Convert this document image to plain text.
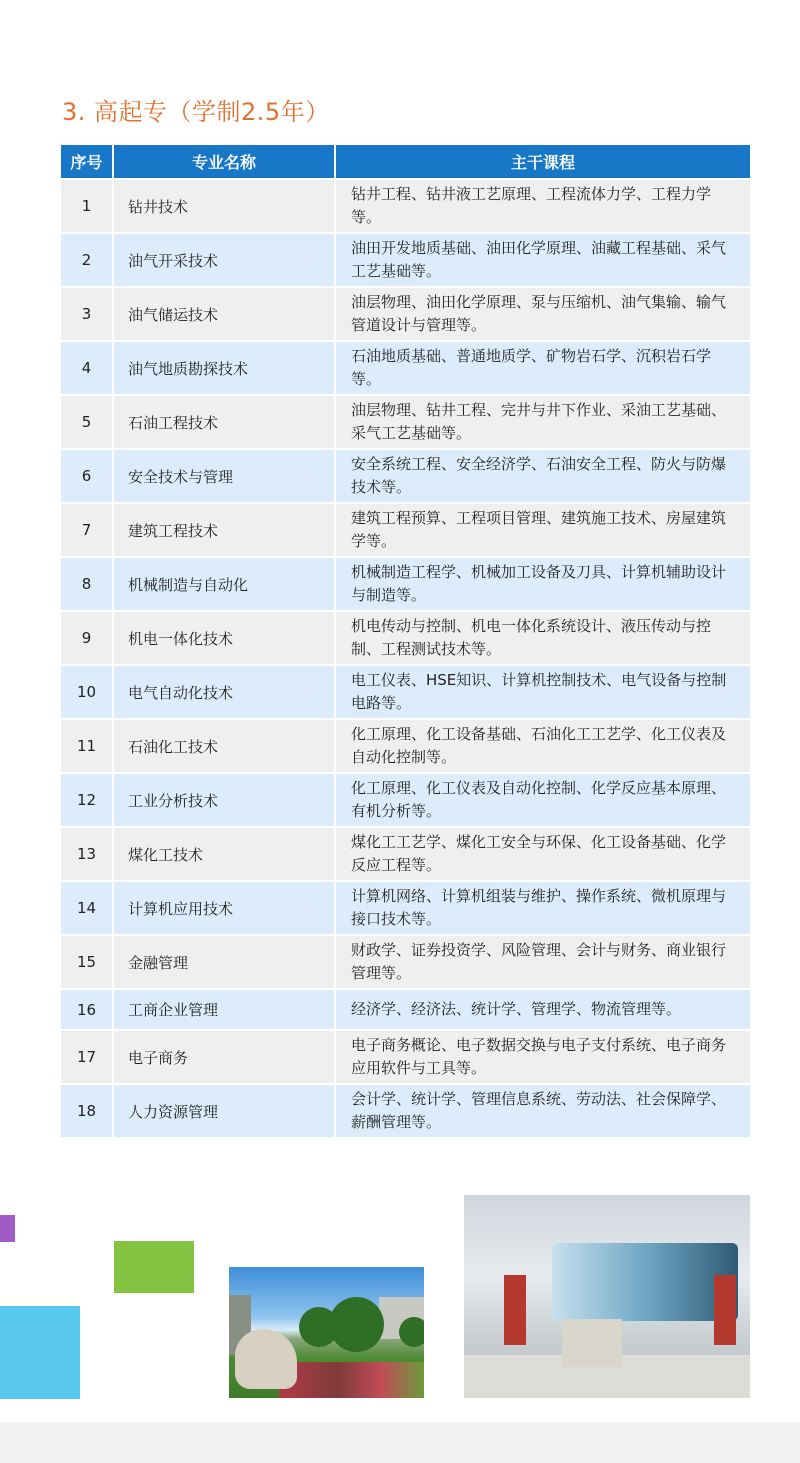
3. 高起专（学制2.5年）
序号	专业名称	主干课程
1	钻井技术	钻井工程、钻井液工艺原理、工程流体力学、工程力学等。
2	油气开采技术	油田开发地质基础、油田化学原理、油藏工程基础、采气工艺基础等。
3	油气储运技术	油层物理、油田化学原理、泵与压缩机、油气集输、输气管道设计与管理等。
4	油气地质勘探技术	石油地质基础、普通地质学、矿物岩石学、沉积岩石学等。
5	石油工程技术	油层物理、钻井工程、完井与井下作业、采油工艺基础、采气工艺基础等。
6	安全技术与管理	安全系统工程、安全经济学、石油安全工程、防火与防爆技术等。
7	建筑工程技术	建筑工程预算、工程项目管理、建筑施工技术、房屋建筑学等。
8	机械制造与自动化	机械制造工程学、机械加工设备及刀具、计算机辅助设计与制造等。
9	机电一体化技术	机电传动与控制、机电一体化系统设计、液压传动与控制、工程测试技术等。
10	电气自动化技术	电工仪表、HSE知识、计算机控制技术、电气设备与控制电路等。
11	石油化工技术	化工原理、化工设备基础、石油化工工艺学、化工仪表及自动化控制等。
12	工业分析技术	化工原理、化工仪表及自动化控制、化学反应基本原理、有机分析等。
13	煤化工技术	煤化工工艺学、煤化工安全与环保、化工设备基础、化学反应工程等。
14	计算机应用技术	计算机网络、计算机组装与维护、操作系统、微机原理与接口技术等。
15	金融管理	财政学、证券投资学、风险管理、会计与财务、商业银行管理等。
16	工商企业管理	经济学、经济法、统计学、管理学、物流管理等。
17	电子商务	电子商务概论、电子数据交换与电子支付系统、电子商务应用软件与工具等。
18	人力资源管理	会计学、统计学、管理信息系统、劳动法、社会保障学、薪酬管理等。
